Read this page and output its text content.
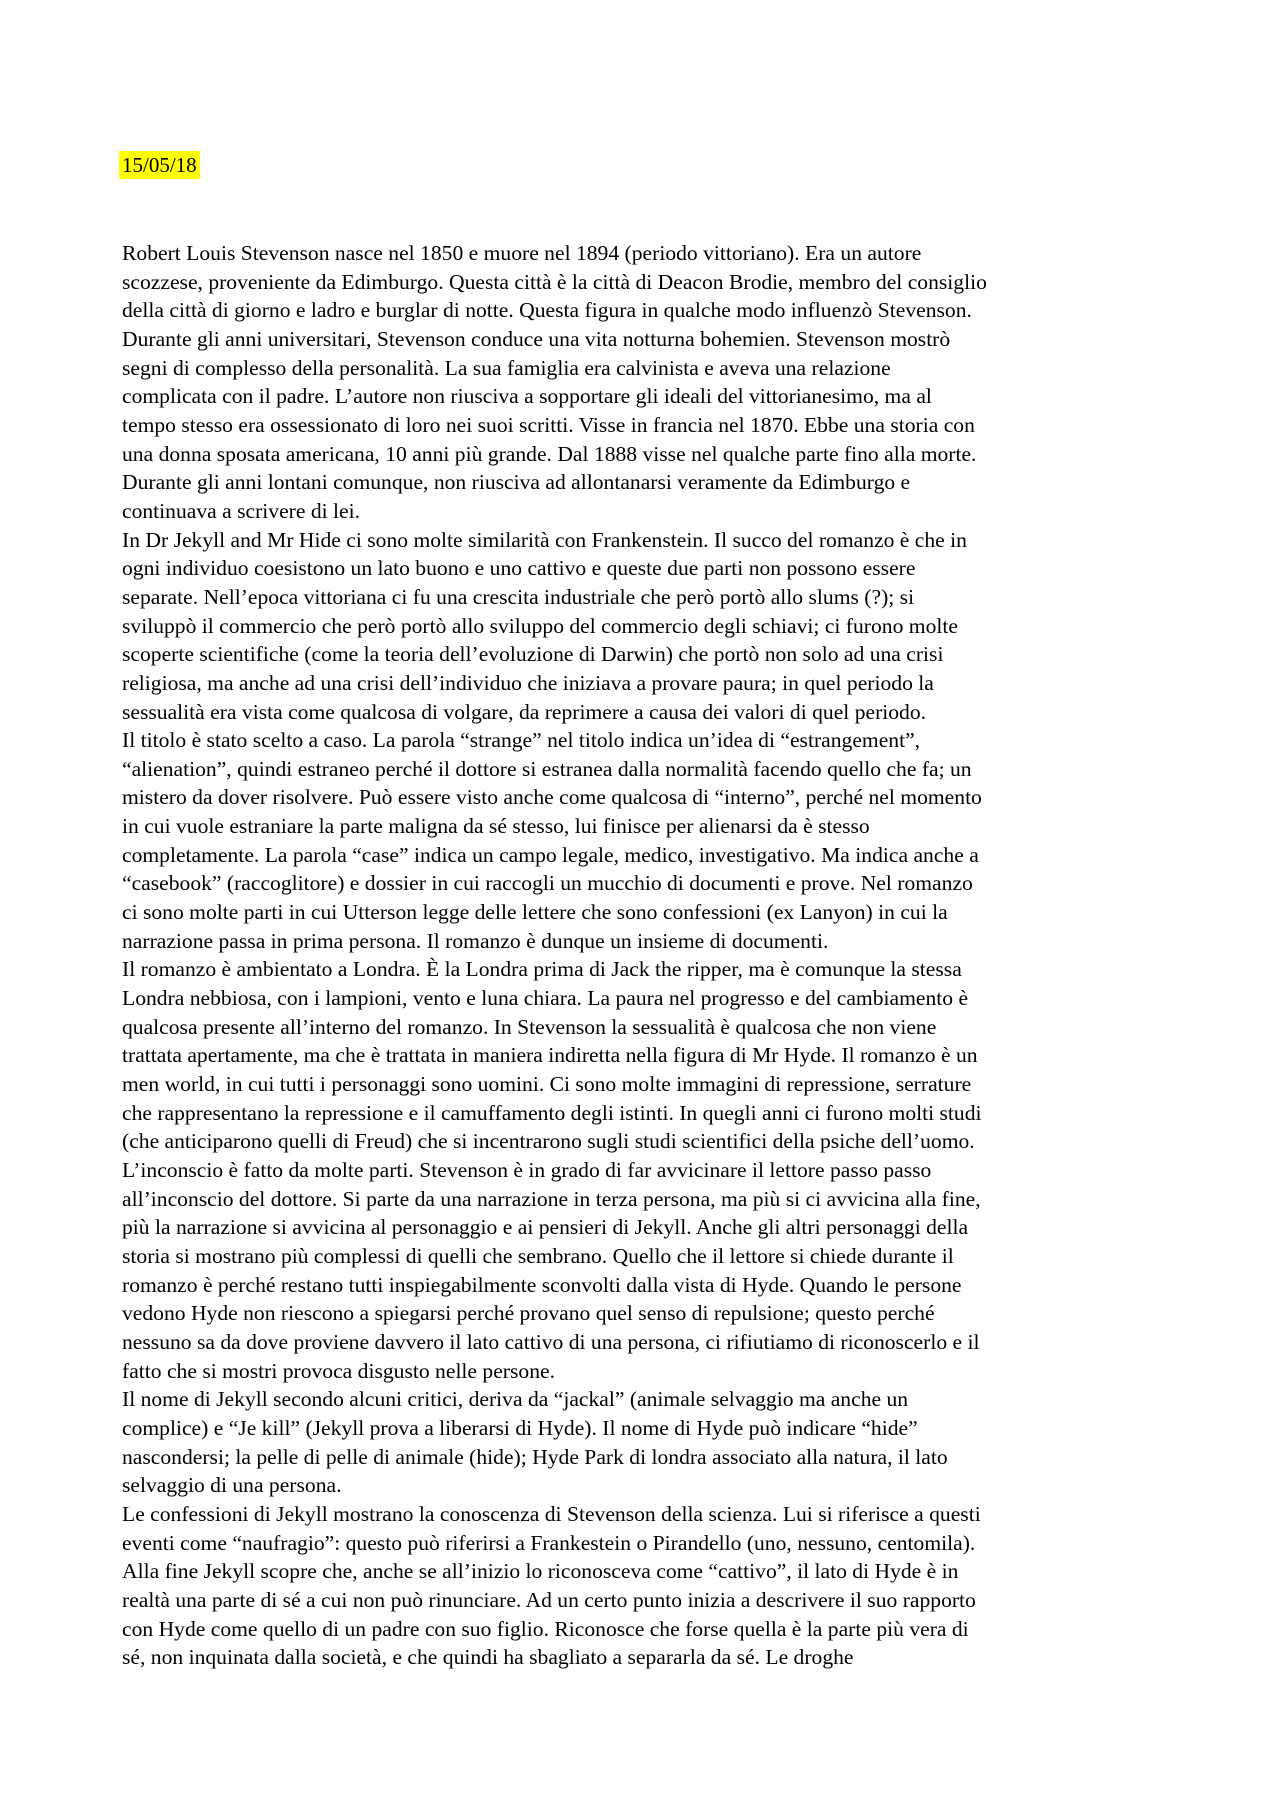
15/05/18

Robert Louis Stevenson nasce nel 1850 e muore nel 1894 (periodo vittoriano). Era un autore
scozzese, proveniente da Edimburgo. Questa città è la città di Deacon Brodie, membro del consiglio
della città di giorno e ladro e burglar di notte. Questa figura in qualche modo influenzò Stevenson.
Durante gli anni universitari, Stevenson conduce una vita notturna bohemien. Stevenson mostrò
segni di complesso della personalità. La sua famiglia era calvinista e aveva una relazione
complicata con il padre. L’autore non riusciva a sopportare gli ideali del vittorianesimo, ma al
tempo stesso era ossessionato di loro nei suoi scritti. Visse in francia nel 1870. Ebbe una storia con
una donna sposata americana, 10 anni più grande. Dal 1888 visse nel qualche parte fino alla morte.
Durante gli anni lontani comunque, non riusciva ad allontanarsi veramente da Edimburgo e
continuava a scrivere di lei.

In Dr Jekyll and Mr Hide ci sono molte similarità con Frankenstein. Il succo del romanzo è che in
ogni individuo coesistono un lato buono e uno cattivo e queste due parti non possono essere
separate. Nell’epoca vittoriana ci fu una crescita industriale che però portò allo slums (?); si
sviluppò il commercio che però portò allo sviluppo del commercio degli schiavi; ci furono molte
scoperte scientifiche (come la teoria dell’evoluzione di Darwin) che portò non solo ad una crisi
religiosa, ma anche ad una crisi dell’individuo che iniziava a provare paura; in quel periodo la
sessualità era vista come qualcosa di volgare, da reprimere a causa dei valori di quel periodo.

Il titolo è stato scelto a caso. La parola “strange” nel titolo indica un’idea di “estrangement”,
“alienation”, quindi estraneo perché il dottore si estranea dalla normalità facendo quello che fa; un
mistero da dover risolvere. Può essere visto anche come qualcosa di “interno”, perché nel momento
in cui vuole estraniare la parte maligna da sé stesso, lui finisce per alienarsi da è stesso
completamente. La parola “case” indica un campo legale, medico, investigativo. Ma indica anche a
“casebook” (raccoglitore) e dossier in cui raccogli un mucchio di documenti e prove. Nel romanzo
ci sono molte parti in cui Utterson legge delle lettere che sono confessioni (ex Lanyon) in cui la
narrazione passa in prima persona. Il romanzo è dunque un insieme di documenti.

Il romanzo è ambientato a Londra. È la Londra prima di Jack the ripper, ma è comunque la stessa
Londra nebbiosa, con i lampioni, vento e luna chiara. La paura nel progresso e del cambiamento è
qualcosa presente all’interno del romanzo. In Stevenson la sessualità è qualcosa che non viene
trattata apertamente, ma che è trattata in maniera indiretta nella figura di Mr Hyde. Il romanzo è un
men world, in cui tutti i personaggi sono uomini. Ci sono molte immagini di repressione, serrature
che rappresentano la repressione e il camuffamento degli istinti. In quegli anni ci furono molti studi
(che anticiparono quelli di Freud) che si incentrarono sugli studi scientifici della psiche dell’uomo.
L’inconscio è fatto da molte parti. Stevenson è in grado di far avvicinare il lettore passo passo
all’inconscio del dottore. Si parte da una narrazione in terza persona, ma più si ci avvicina alla fine,
più la narrazione si avvicina al personaggio e ai pensieri di Jekyll. Anche gli altri personaggi della
storia si mostrano più complessi di quelli che sembrano. Quello che il lettore si chiede durante il
romanzo è perché restano tutti inspiegabilmente sconvolti dalla vista di Hyde. Quando le persone
vedono Hyde non riescono a spiegarsi perché provano quel senso di repulsione; questo perché
nessuno sa da dove proviene davvero il lato cattivo di una persona, ci rifiutiamo di riconoscerlo e il
fatto che si mostri provoca disgusto nelle persone.

Il nome di Jekyll secondo alcuni critici, deriva da “jackal” (animale selvaggio ma anche un
complice) e “Je kill” (Jekyll prova a liberarsi di Hyde). Il nome di Hyde può indicare “hide”
nascondersi; la pelle di pelle di animale (hide); Hyde Park di londra associato alla natura, il lato
selvaggio di una persona.

Le confessioni di Jekyll mostrano la conoscenza di Stevenson della scienza. Lui si riferisce a questi
eventi come “naufragio”: questo può riferirsi a Frankestein o Pirandello (uno, nessuno, centomila).
Alla fine Jekyll scopre che, anche se all’inizio lo riconosceva come “cattivo”, il lato di Hyde è in
realtà una parte di sé a cui non può rinunciare. Ad un certo punto inizia a descrivere il suo rapporto
con Hyde come quello di un padre con suo figlio. Riconosce che forse quella è la parte più vera di
sé, non inquinata dalla società, e che quindi ha sbagliato a separarla da sé. Le droghe
